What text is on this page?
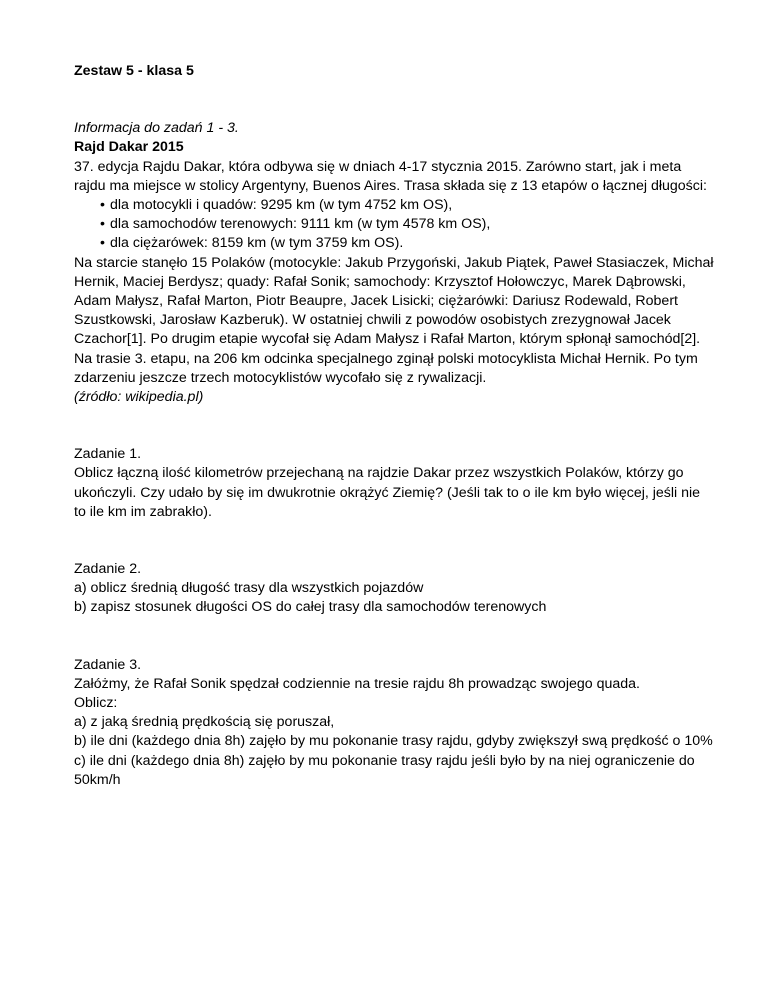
Zestaw 5 - klasa 5

Informacja do zadań 1 - 3.

Rajd Dakar 2015

37. edycja Rajdu Dakar, która odbywa się w dniach 4-17 stycznia 2015. Zarówno start, jak i meta rajdu ma miejsce w stolicy Argentyny, Buenos Aires. Trasa składa się z 13 etapów o łącznej długości:

• dla motocykli i quadów: 9295 km (w tym 4752 km OS),
• dla samochodów terenowych: 9111 km (w tym 4578 km OS),
• dla ciężarówek: 8159 km (w tym 3759 km OS).

Na starcie stanęło 15 Polaków (motocykle: Jakub Przygoński, Jakub Piątek, Paweł Stasiaczek, Michał Hernik, Maciej Berdysz; quady: Rafał Sonik; samochody: Krzysztof Hołowczyc, Marek Dąbrowski, Adam Małysz, Rafał Marton, Piotr Beaupre, Jacek Lisicki; ciężarówki: Dariusz Rodewald, Robert Szustkowski, Jarosław Kazberuk). W ostatniej chwili z powodów osobistych zrezygnował Jacek Czachor[1]. Po drugim etapie wycofał się Adam Małysz i Rafał Marton, którym spłonął samochód[2].

Na trasie 3. etapu, na 206 km odcinka specjalnego zginął polski motocyklista Michał Hernik. Po tym zdarzeniu jeszcze trzech motocyklistów wycofało się z rywalizacji.

(źródło: wikipedia.pl)

Zadanie 1.

Oblicz łączną ilość kilometrów przejechaną na rajdzie Dakar przez wszystkich Polaków, którzy go ukończyli. Czy udało by się im dwukrotnie okrążyć Ziemię? (Jeśli tak to o ile km było więcej, jeśli nie to ile km im zabrakło).

Zadanie 2.

a) oblicz średnią długość trasy dla wszystkich pojazdów

b) zapisz stosunek długości OS do całej trasy dla samochodów terenowych

Zadanie 3.

Załóżmy, że Rafał Sonik spędzał codziennie na tresie rajdu 8h prowadząc swojego quada.

Oblicz:

a) z jaką średnią prędkością się poruszał,

b) ile dni (każdego dnia 8h) zajęło by mu pokonanie trasy rajdu, gdyby zwiększył swą prędkość o 10%

c) ile dni (każdego dnia 8h) zajęło by mu pokonanie trasy rajdu jeśli było by na niej ograniczenie do 50km/h
